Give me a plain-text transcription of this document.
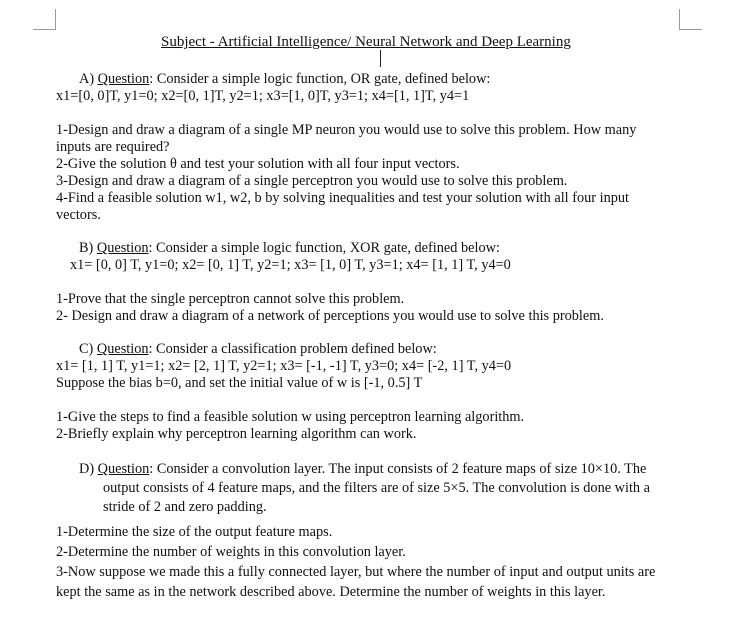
Subject - Artificial Intelligence/ Neural Network and Deep Learning
A) Question: Consider a simple logic function, OR gate, defined below:
x1=[0, 0]T, y1=0; x2=[0, 1]T, y2=1; x3=[1, 0]T, y3=1; x4=[1, 1]T, y4=1
1-Design and draw a diagram of a single MP neuron you would use to solve this problem. How many
inputs are required?
2-Give the solution θ and test your solution with all four input vectors.
3-Design and draw a diagram of a single perceptron you would use to solve this problem.
4-Find a feasible solution w1, w2, b by solving inequalities and test your solution with all four input
vectors.
B) Question: Consider a simple logic function, XOR gate, defined below:
x1= [0, 0] T, y1=0; x2= [0, 1] T, y2=1; x3= [1, 0] T, y3=1; x4= [1, 1] T, y4=0
1-Prove that the single perceptron cannot solve this problem.
2- Design and draw a diagram of a network of perceptions you would use to solve this problem.
C) Question: Consider a classification problem defined below:
x1= [1, 1] T, y1=1; x2= [2, 1] T, y2=1; x3= [-1, -1] T, y3=0; x4= [-2, 1] T, y4=0
Suppose the bias b=0, and set the initial value of w is [-1, 0.5] T
1-Give the steps to find a feasible solution w using perceptron learning algorithm.
2-Briefly explain why perceptron learning algorithm can work.
D) Question: Consider a convolution layer. The input consists of 2 feature maps of size 10×10. The
output consists of 4 feature maps, and the filters are of size 5×5. The convolution is done with a
stride of 2 and zero padding.
1-Determine the size of the output feature maps.
2-Determine the number of weights in this convolution layer.
3-Now suppose we made this a fully connected layer, but where the number of input and output units are
kept the same as in the network described above. Determine the number of weights in this layer.
